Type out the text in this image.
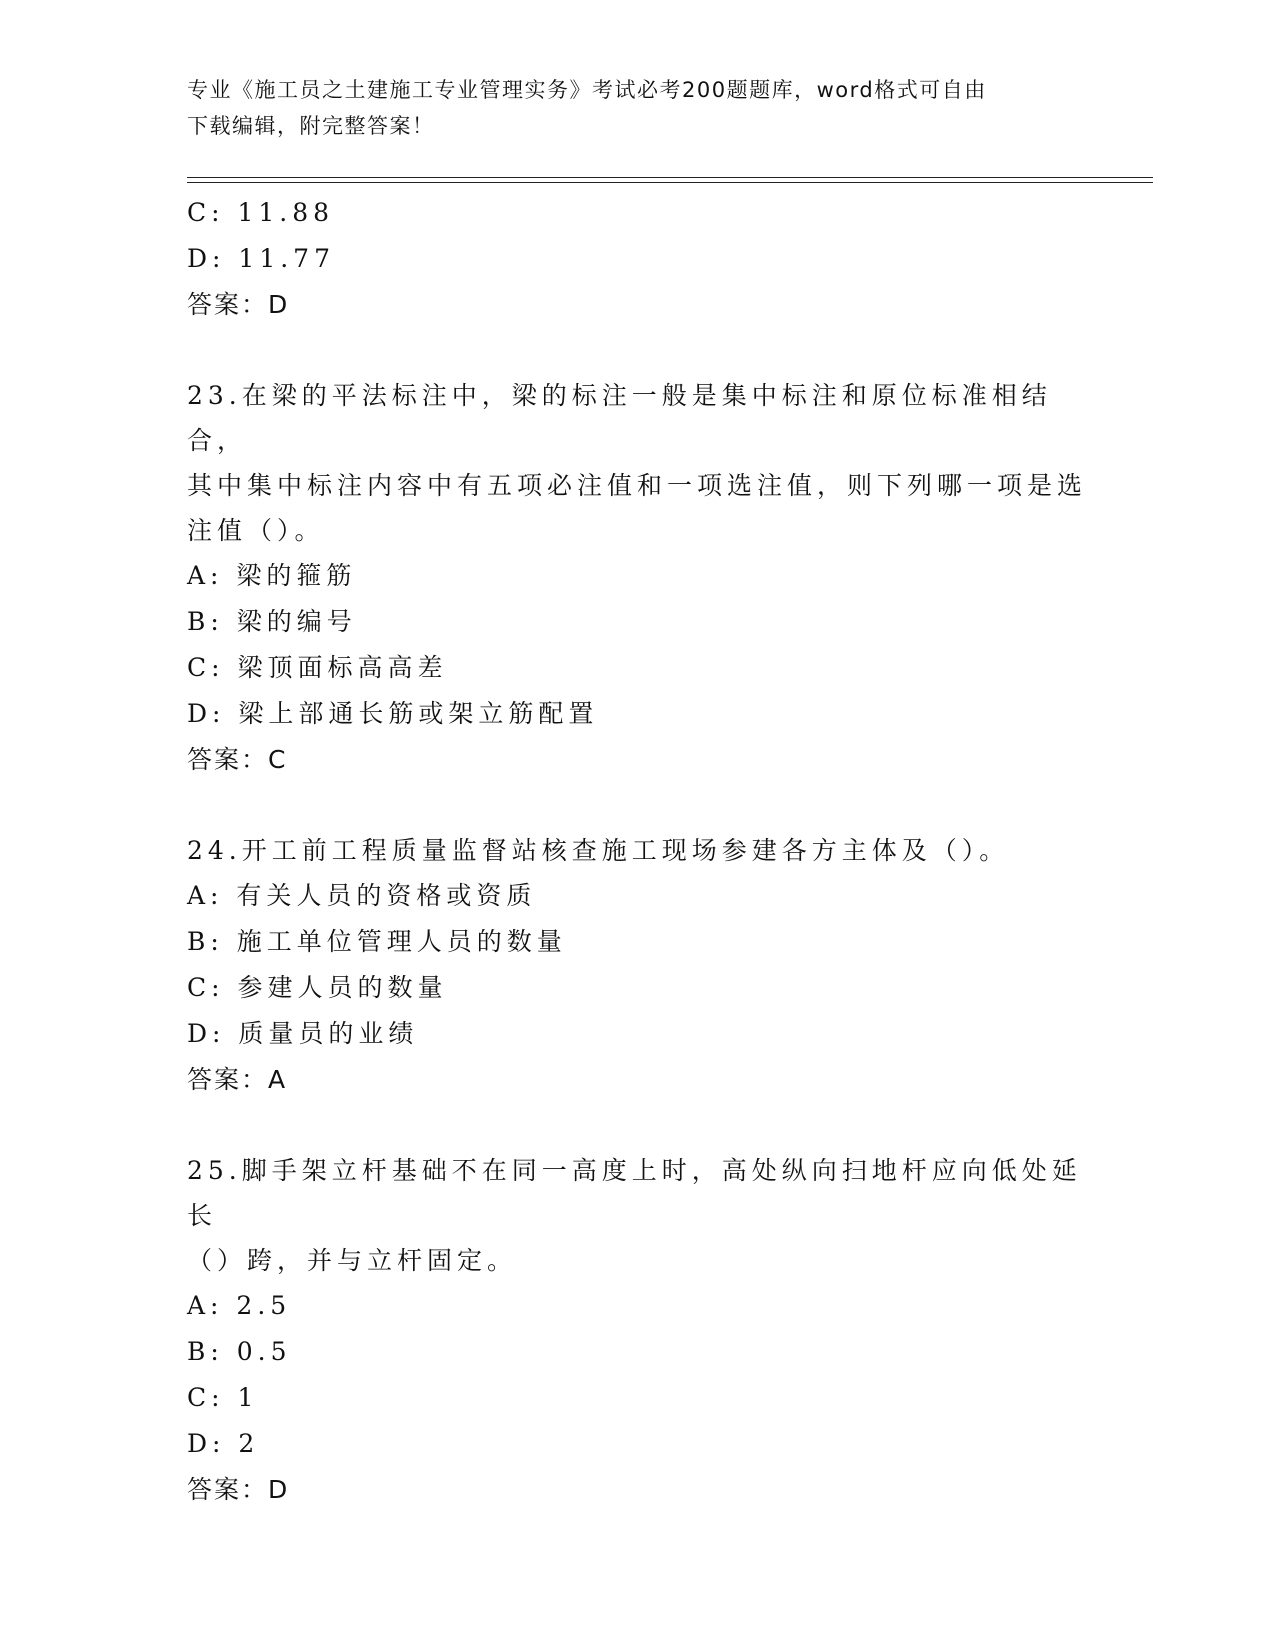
专业《施工员之土建施工专业管理实务》考试必考200题题库，word格式可自由
下载编辑，附完整答案！
C: 11.88
D: 11.77
答案：D
23.在梁的平法标注中，梁的标注一般是集中标注和原位标准相结合，
其中集中标注内容中有五项必注值和一项选注值，则下列哪一项是选
注值（）。
A: 梁的箍筋
B: 梁的编号
C: 梁顶面标高高差
D: 梁上部通长筋或架立筋配置
答案：C
24.开工前工程质量监督站核查施工现场参建各方主体及（）。
A: 有关人员的资格或资质
B: 施工单位管理人员的数量
C: 参建人员的数量
D: 质量员的业绩
答案：A
25.脚手架立杆基础不在同一高度上时，高处纵向扫地杆应向低处延长
（）跨，并与立杆固定。
A: 2.5
B: 0.5
C: 1
D: 2
答案：D
